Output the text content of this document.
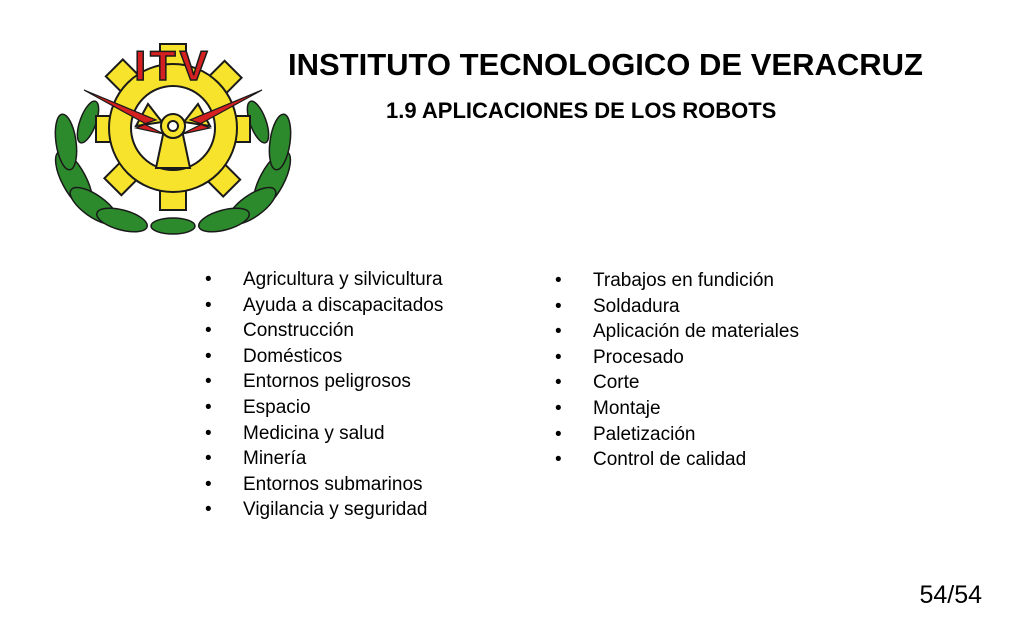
ITV INSTITUTO TECNOLOGICO DE VERACRUZ
1.9 APLICACIONES DE LOS ROBOTS
• Agricultura y silvicultura
• Ayuda a discapacitados
• Construcción
• Domésticos
• Entornos peligrosos
• Espacio
• Medicina y salud
• Minería
• Entornos submarinos
• Vigilancia y seguridad
• Trabajos en fundición
• Soldadura
• Aplicación de materiales
• Procesado
• Corte
• Montaje
• Paletización
• Control de calidad
54/54
